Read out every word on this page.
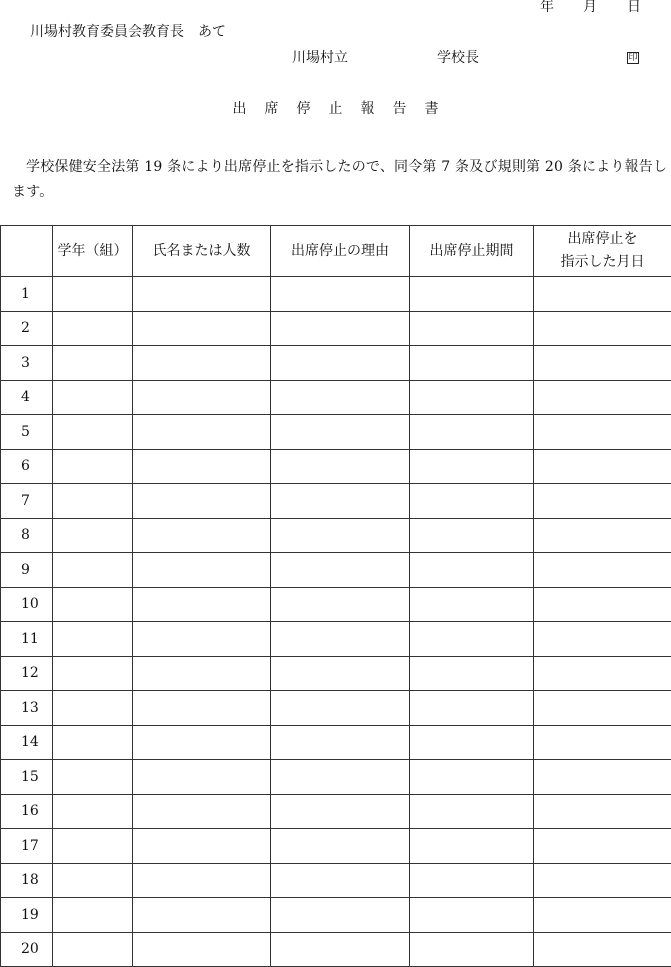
年 月 日
川場村教育委員会教育長　あて
川場村立	学校長	印
出 席 停 止 報 告 書
学校保健安全法第 19 条により出席停止を指示したので、同令第 7 条及び規則第 20 条により報告します。
	学年（組）	氏名または人数	出席停止の理由	出席停止期間	出席停止を
指示した月日

1					
2					
3					
4					
5					
6					
7					
8					
9					
10					
11					
12					
13					
14					
15					
16					
17					
18					
19					
20					
